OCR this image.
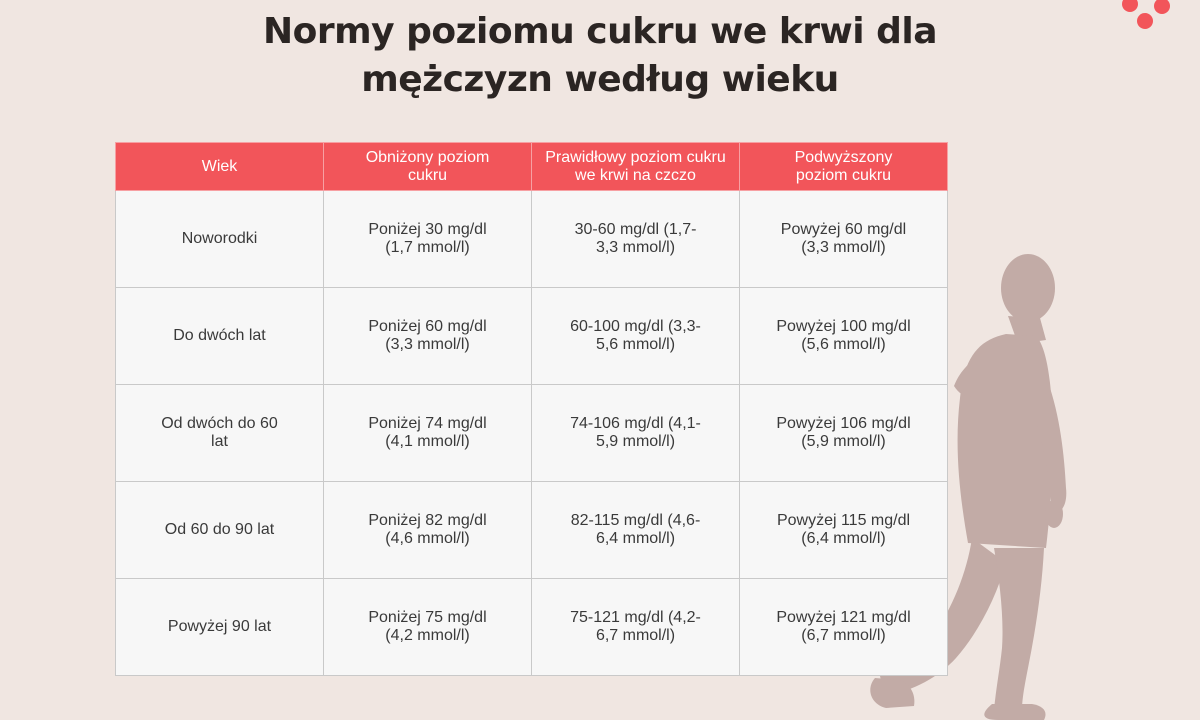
Normy poziomu cukru we krwi dla
mężczyzn według wieku
Wiek	Obniżony poziom cukru	Prawidłowy poziom cukru we krwi na czczo	Podwyższony poziom cukru

Noworodki	Poniżej 30 mg/dl (1,7 mmol/l)	30-60 mg/dl (1,7-3,3 mmol/l)	Powyżej 60 mg/dl (3,3 mmol/l)

Do dwóch lat	Poniżej 60 mg/dl (3,3 mmol/l)	60-100 mg/dl (3,3-5,6 mmol/l)	Powyżej 100 mg/dl (5,6 mmol/l)

Od dwóch do 60 lat	Poniżej 74 mg/dl (4,1 mmol/l)	74-106 mg/dl (4,1-5,9 mmol/l)	Powyżej 106 mg/dl (5,9 mmol/l)

Od 60 do 90 lat	Poniżej 82 mg/dl (4,6 mmol/l)	82-115 mg/dl (4,6-6,4 mmol/l)	Powyżej 115 mg/dl (6,4 mmol/l)

Powyżej 90 lat	Poniżej 75 mg/dl (4,2 mmol/l)	75-121 mg/dl (4,2-6,7 mmol/l)	Powyżej 121 mg/dl (6,7 mmol/l)
